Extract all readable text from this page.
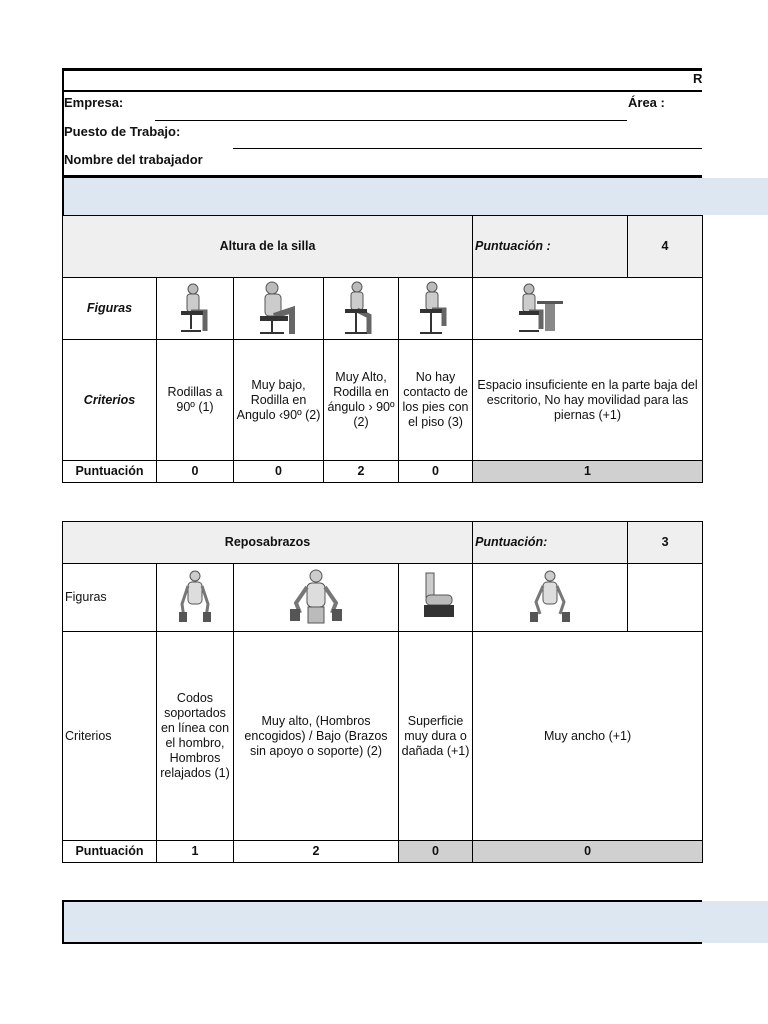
R
Empresa:	Área :
Puesto de Trabajo:
Nombre del trabajador
Altura de la silla					Puntuación :	4	
Figuras	

Criterios	Rodillas a 90º (1)	Muy bajo, Rodilla en Angulo ‹90º (2)	Muy Alto, Rodilla en ángulo › 90º (2)	No hay contacto de los pies con el piso (3)	Espacio insuficiente en la parte baja del escritorio, No hay movilidad para las piernas (+1)		
Puntuación	0	0	2	0	1	
Reposabrazos				Puntuación:	3	
Figuras	

Criterios	Codos soportados en línea con el hombro, Hombros relajados (1)	Muy alto, (Hombros encogidos) / Bajo (Brazos sin apoyo o soporte) (2)	Superficie muy dura o dañada (+1)	Muy ancho (+1)		
Puntuación	1	2	0	0	
